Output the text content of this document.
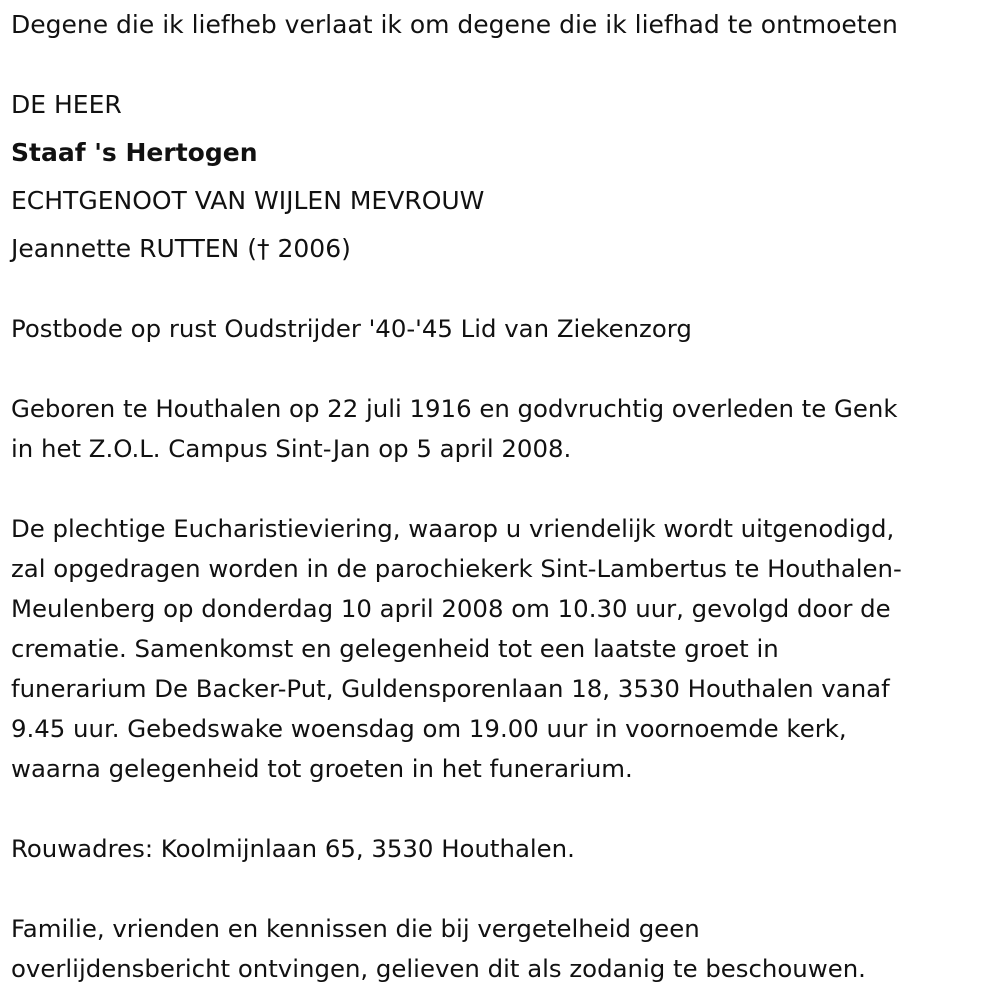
Degene die ik liefheb verlaat ik om degene die ik liefhad te ontmoeten
DE HEER
Staaf 's Hertogen
ECHTGENOOT VAN WIJLEN MEVROUW
Jeannette RUTTEN († 2006)
Postbode op rust Oudstrijder '40-'45 Lid van Ziekenzorg
Geboren te Houthalen op 22 juli 1916 en godvruchtig overleden te Genk
in het Z.O.L. Campus Sint-Jan op 5 april 2008.
De plechtige Eucharistieviering, waarop u vriendelijk wordt uitgenodigd,
zal opgedragen worden in de parochiekerk Sint-Lambertus te Houthalen-
Meulenberg op donderdag 10 april 2008 om 10.30 uur, gevolgd door de
crematie. Samenkomst en gelegenheid tot een laatste groet in
funerarium De Backer-Put, Guldensporenlaan 18, 3530 Houthalen vanaf
9.45 uur. Gebedswake woensdag om 19.00 uur in voornoemde kerk,
waarna gelegenheid tot groeten in het funerarium.
Rouwadres: Koolmijnlaan 65, 3530 Houthalen.
Familie, vrienden en kennissen die bij vergetelheid geen
overlijdensbericht ontvingen, gelieven dit als zodanig te beschouwen.
